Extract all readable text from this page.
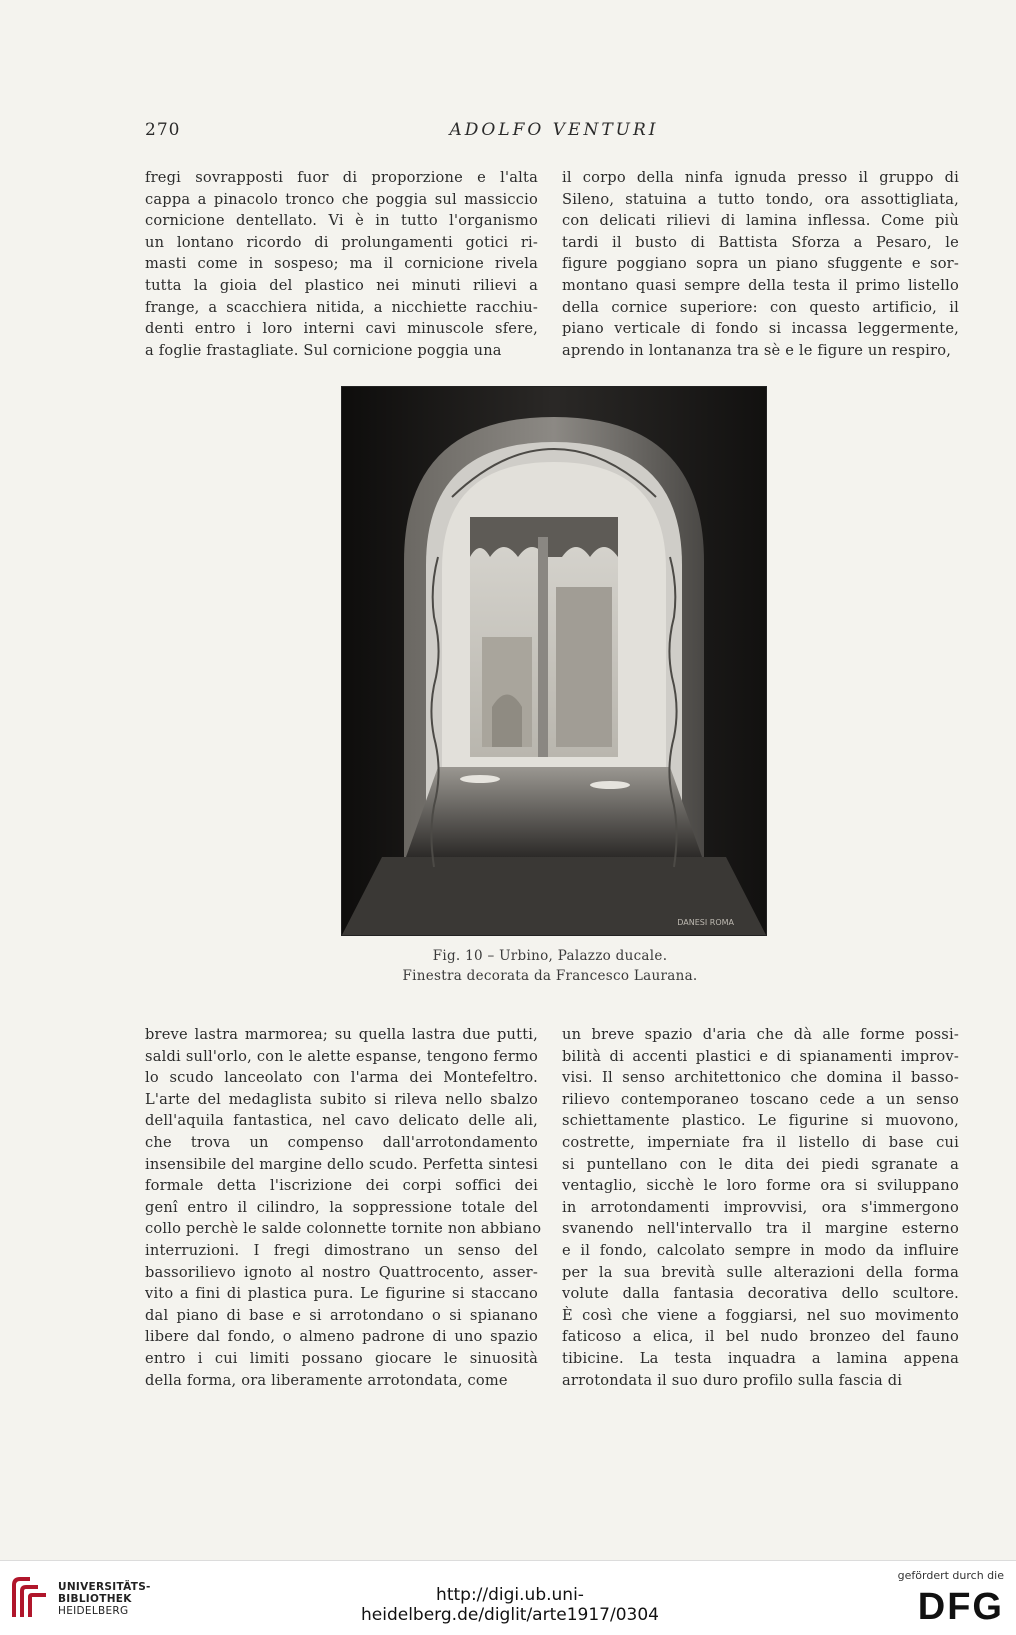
270	ADOLFO VENTURI
fregi sovrapposti fuor di proporzione e l'alta
cappa a pinacolo tronco che poggia sul massiccio
cornicione dentellato. Vi è in tutto l'organismo
un lontano ricordo di prolungamenti gotici ri-
masti come in sospeso; ma il cornicione rivela
tutta la gioia del plastico nei minuti rilievi a
frange, a scacchiera nitida, a nicchiette racchiu-
denti entro i loro interni cavi minuscole sfere,
a foglie frastagliate. Sul cornicione poggia una
il corpo della ninfa ignuda presso il gruppo di
Sileno, statuina a tutto tondo, ora assottigliata,
con delicati rilievi di lamina inflessa. Come più
tardi il busto di Battista Sforza a Pesaro, le
figure poggiano sopra un piano sfuggente e sor-
montano quasi sempre della testa il primo listello
della cornice superiore: con questo artificio, il
piano verticale di fondo si incassa leggermente,
aprendo in lontananza tra sè e le figure un respiro,
DANESI ROMA
Fig. 10 – Urbino, Palazzo ducale.
Finestra decorata da Francesco Laurana.
breve lastra marmorea; su quella lastra due putti,
saldi sull'orlo, con le alette espanse, tengono fermo
lo scudo lanceolato con l'arma dei Montefeltro.
L'arte del medaglista subito si rileva nello sbalzo
dell'aquila fantastica, nel cavo delicato delle ali,
che trova un compenso dall'arrotondamento
insensibile del margine dello scudo. Perfetta sintesi
formale detta l'iscrizione dei corpi soffici dei
genî entro il cilindro, la soppressione totale del
collo perchè le salde colonnette tornite non abbiano
interruzioni. I fregi dimostrano un senso del
bassorilievo ignoto al nostro Quattrocento, asser-
vito a fini di plastica pura. Le figurine si staccano
dal piano di base e si arrotondano o si spianano
libere dal fondo, o almeno padrone di uno spazio
entro i cui limiti possano giocare le sinuosità
della forma, ora liberamente arrotondata, come
un breve spazio d'aria che dà alle forme possi-
bilità di accenti plastici e di spianamenti improv-
visi. Il senso architettonico che domina il basso-
rilievo contemporaneo toscano cede a un senso
schiettamente plastico. Le figurine si muovono,
costrette, imperniate fra il listello di base cui
si puntellano con le dita dei piedi sgranate a
ventaglio, sicchè le loro forme ora si sviluppano
in arrotondamenti improvvisi, ora s'immergono
svanendo nell'intervallo tra il margine esterno
e il fondo, calcolato sempre in modo da influire
per la sua brevità sulle alterazioni della forma
volute dalla fantasia decorativa dello scultore.
È così che viene a foggiarsi, nel suo movimento
faticoso a elica, il bel nudo bronzeo del fauno
tibicine. La testa inquadra a lamina appena
arrotondata il suo duro profilo sulla fascia di
UNIVERSITÄTS-
BIBLIOTHEK
HEIDELBERG
http://digi.ub.uni-heidelberg.de/diglit/arte1917/0304
gefördert durch die
DFG
